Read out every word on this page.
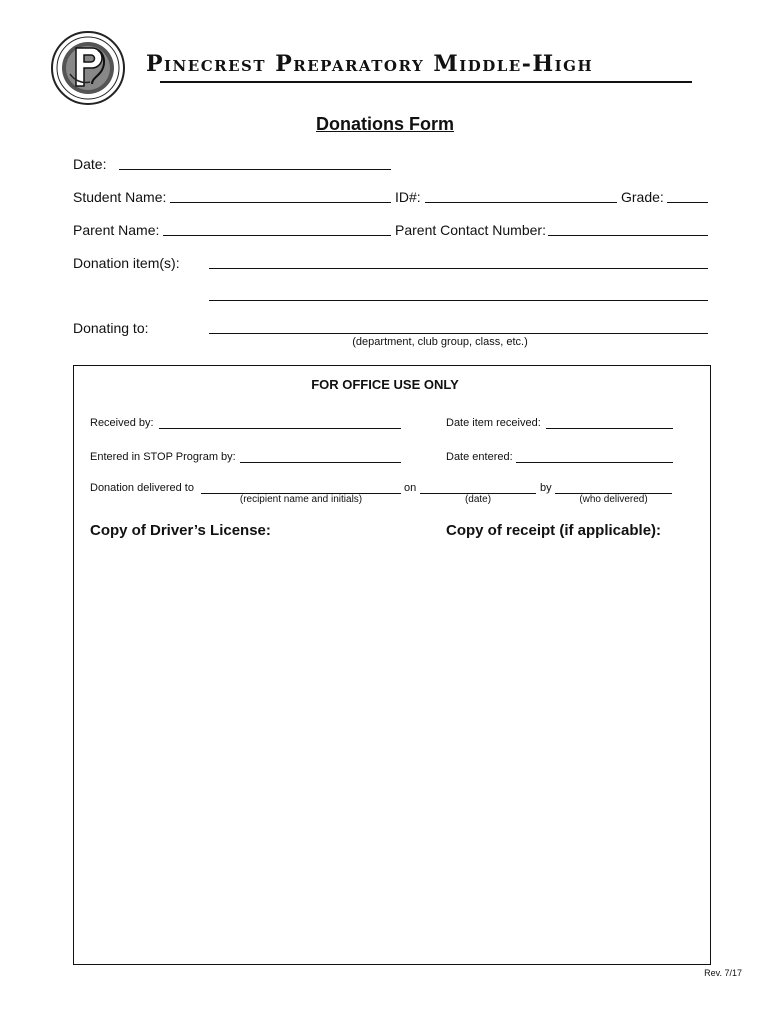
Pinecrest Preparatory Middle-High
Donations Form
Date:
Student Name:	ID#:	Grade:
Parent Name:	Parent Contact Number:
Donation item(s):
Donating to:
(department, club group, class, etc.)
FOR OFFICE USE ONLY
Received by:	Date item received:
Entered in STOP Program by:	Date entered:
Donation delivered to	on	by
(recipient name and initials)	(date)	(who delivered)
Copy of Driver’s License:	Copy of receipt (if applicable):
Rev. 7/17
